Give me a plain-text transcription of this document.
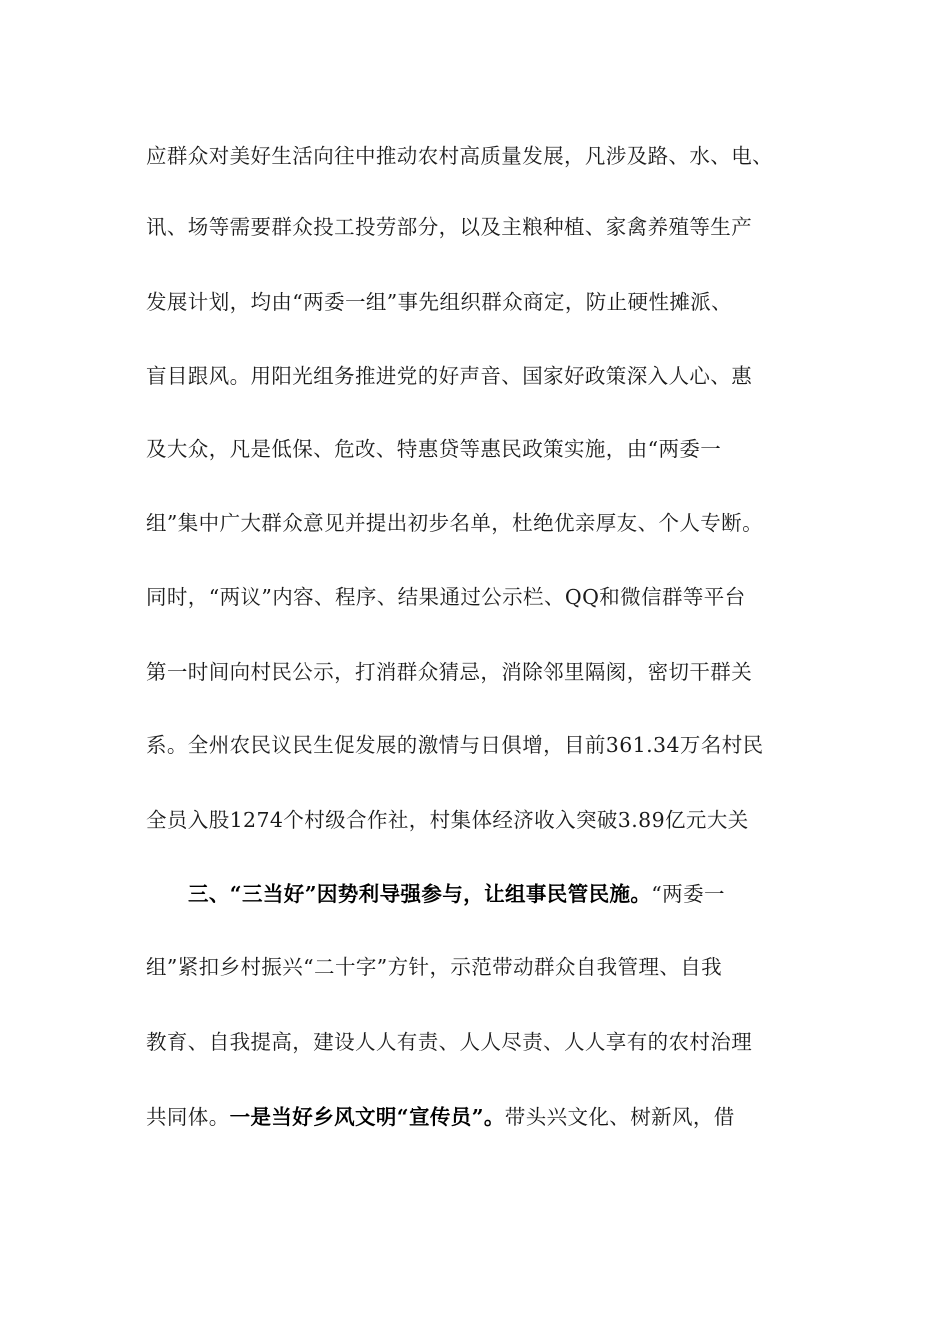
应群众对美好生活向往中推动农村高质量发展，凡涉及路、水、电、
讯、场等需要群众投工投劳部分，以及主粮种植、家禽养殖等生产
发展计划，均由“两委一组”事先组织群众商定，防止硬性摊派、
盲目跟风。用阳光组务推进党的好声音、国家好政策深入人心、惠
及大众，凡是低保、危改、特惠贷等惠民政策实施，由“两委一
组”集中广大群众意见并提出初步名单，杜绝优亲厚友、个人专断。
同时，“两议”内容、程序、结果通过公示栏、QQ和微信群等平台
第一时间向村民公示，打消群众猜忌，消除邻里隔阂，密切干群关
系。全州农民议民生促发展的激情与日俱增，目前361.34万名村民
全员入股1274个村级合作社，村集体经济收入突破3.89亿元大关
三、“三当好”因势利导强参与，让组事民管民施。“两委一
组”紧扣乡村振兴“二十字”方针，示范带动群众自我管理、自我
教育、自我提高，建设人人有责、人人尽责、人人享有的农村治理
共同体。一是当好乡风文明“宣传员”。带头兴文化、树新风，借
